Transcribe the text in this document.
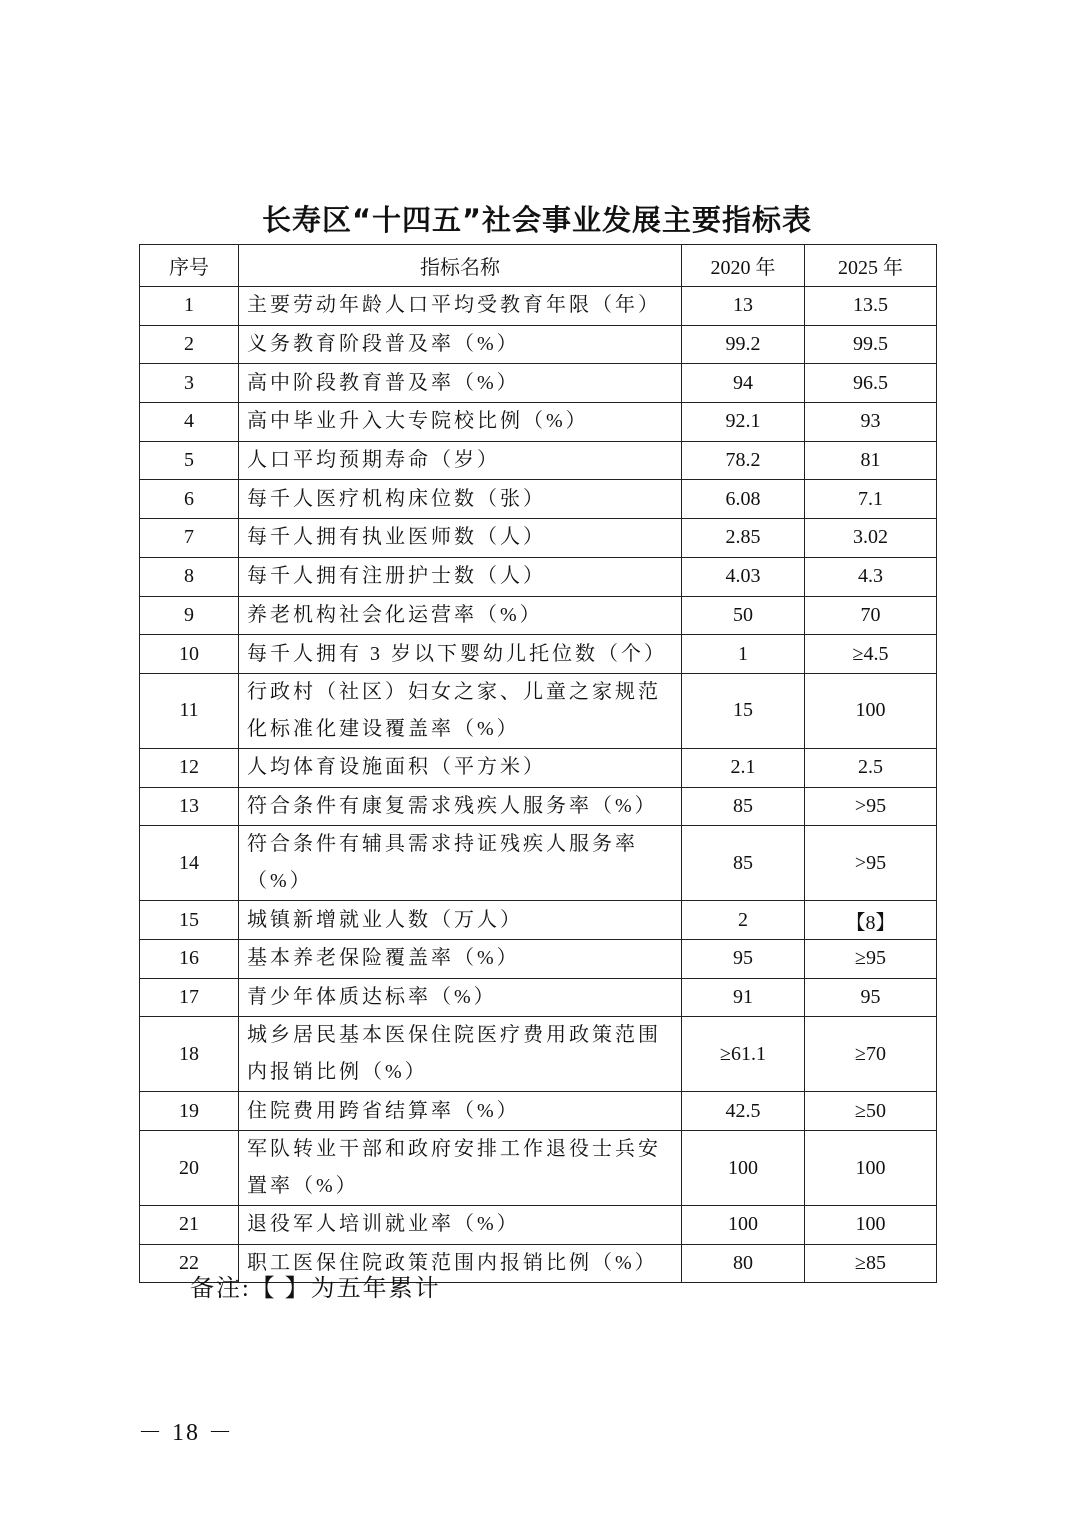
长寿区“十四五”社会事业发展主要指标表
序号	指标名称	2020 年	2025 年
1	主要劳动年龄人口平均受教育年限（年）	13	13.5
2	义务教育阶段普及率（%）	99.2	99.5
3	高中阶段教育普及率（%）	94	96.5
4	高中毕业升入大专院校比例（%）	92.1	93
5	人口平均预期寿命（岁）	78.2	81
6	每千人医疗机构床位数（张）	6.08	7.1
7	每千人拥有执业医师数（人）	2.85	3.02
8	每千人拥有注册护士数（人）	4.03	4.3
9	养老机构社会化运营率（%）	50	70
10	每千人拥有 3 岁以下婴幼儿托位数（个）	1	≥4.5
11	行政村（社区）妇女之家、儿童之家规范化标准化建设覆盖率（%）	15	100
12	人均体育设施面积（平方米）	2.1	2.5
13	符合条件有康复需求残疾人服务率（%）	85	>95
14	符合条件有辅具需求持证残疾人服务率（%）	85	>95
15	城镇新增就业人数（万人）	2	【8】
16	基本养老保险覆盖率（%）	95	≥95
17	青少年体质达标率（%）	91	95
18	城乡居民基本医保住院医疗费用政策范围内报销比例（%）	≥61.1	≥70
19	住院费用跨省结算率（%）	42.5	≥50
20	军队转业干部和政府安排工作退役士兵安置率（%）	100	100
21	退役军人培训就业率（%）	100	100
22	职工医保住院政策范围内报销比例（%）	80	≥85
备注:【 】为五年累计
－ 18 －
